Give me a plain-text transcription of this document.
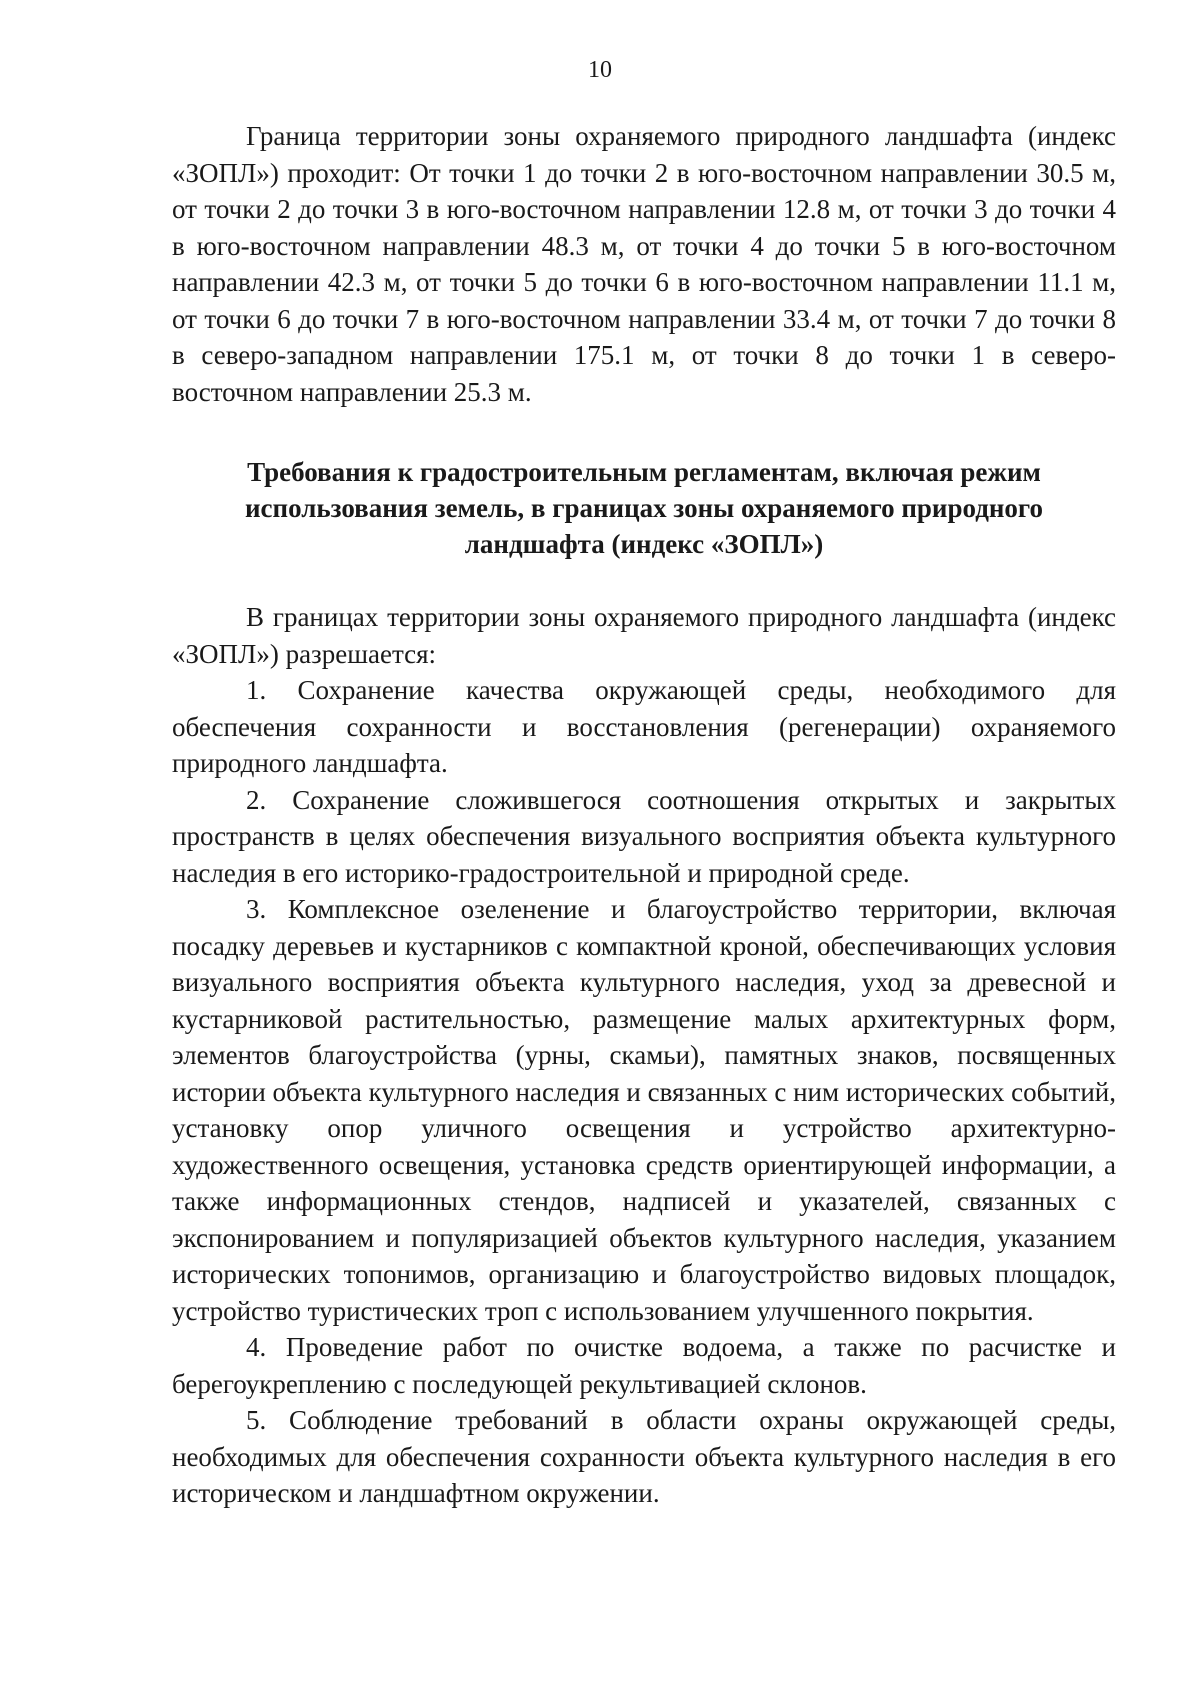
10

Граница территории зоны охраняемого природного ландшафта (индекс «ЗОПЛ») проходит: От точки 1 до точки 2 в юго-восточном направлении 30.5 м, от точки 2 до точки 3 в юго-восточном направлении 12.8 м, от точки 3 до точки 4 в юго-восточном направлении 48.3 м, от точки 4 до точки 5 в юго-восточном направлении 42.3 м, от точки 5 до точки 6 в юго-восточном направлении 11.1 м, от точки 6 до точки 7 в юго-восточном направлении 33.4 м, от точки 7 до точки 8 в северо-западном направлении 175.1 м, от точки 8 до точки 1 в северо-восточном направлении 25.3 м.

Требования к градостроительным регламентам, включая режим
использования земель, в границах зоны охраняемого природного
ландшафта (индекс «ЗОПЛ»)

В границах территории зоны охраняемого природного ландшафта (индекс «ЗОПЛ») разрешается:

1. Сохранение качества окружающей среды, необходимого для обеспечения сохранности и восстановления (регенерации) охраняемого природного ландшафта.

2. Сохранение сложившегося соотношения открытых и закрытых пространств в целях обеспечения визуального восприятия объекта культурного наследия в его историко-градостроительной и природной среде.

3. Комплексное озеленение и благоустройство территории, включая посадку деревьев и кустарников с компактной кроной, обеспечивающих условия визуального восприятия объекта культурного наследия, уход за древесной и кустарниковой растительностью, размещение малых архитектурных форм, элементов благоустройства (урны, скамьи), памятных знаков, посвященных истории объекта культурного наследия и связанных с ним исторических событий, установку опор уличного освещения и устройство архитектурно-художественного освещения, установка средств ориентирующей информации, а также информационных стендов, надписей и указателей, связанных с экспонированием и популяризацией объектов культурного наследия, указанием исторических топонимов, организацию и благоустройство видовых площадок, устройство туристических троп с использованием улучшенного покрытия.

4. Проведение работ по очистке водоема, а также по расчистке и берегоукреплению с последующей рекультивацией склонов.

5. Соблюдение требований в области охраны окружающей среды, необходимых для обеспечения сохранности объекта культурного наследия в его историческом и ландшафтном окружении.
